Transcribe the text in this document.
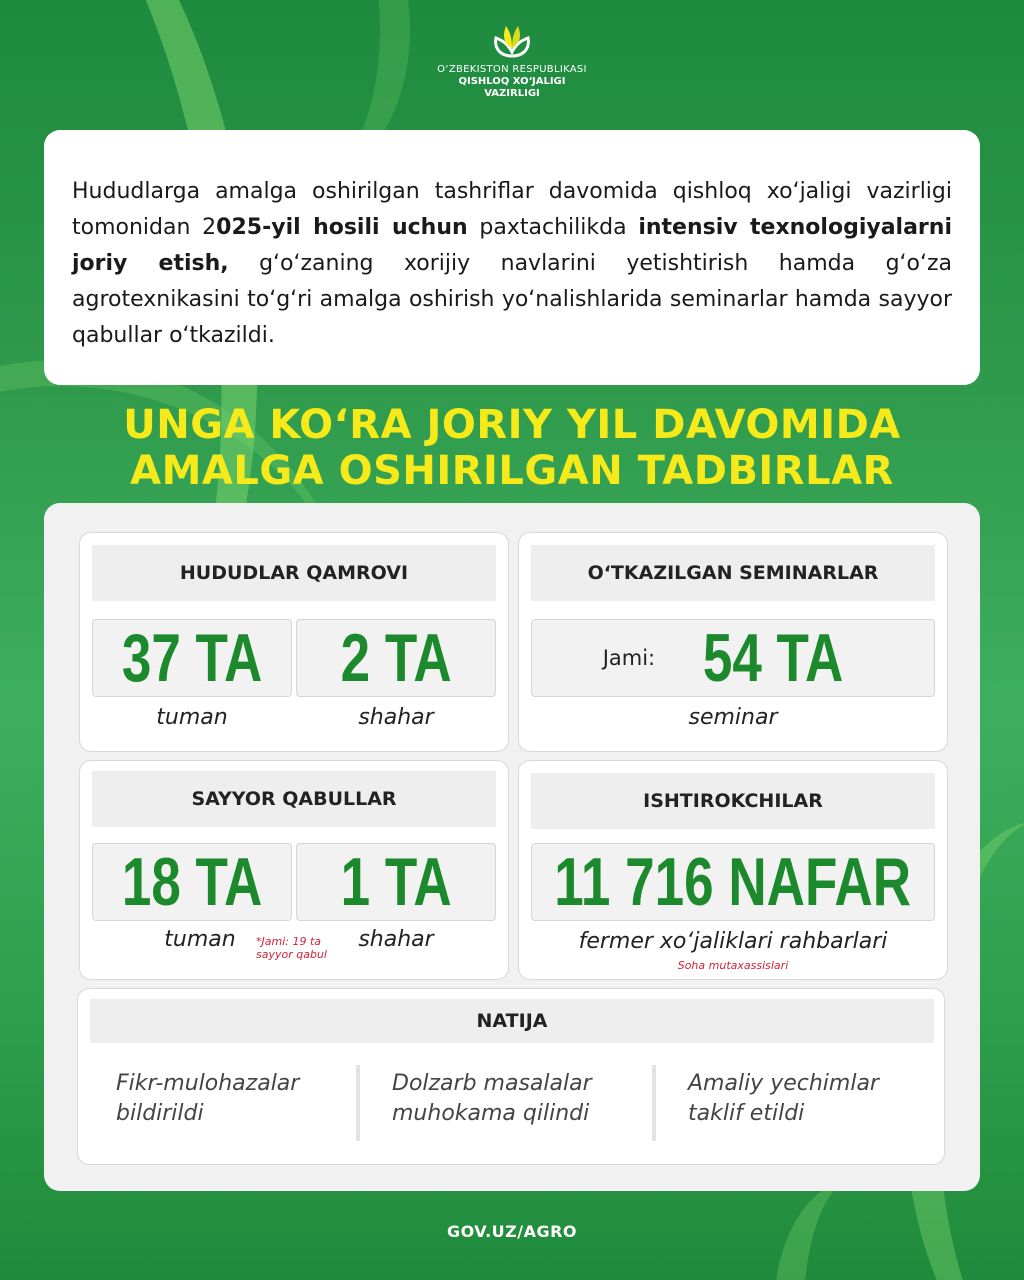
O‘ZBEKISTON RESPUBLIKASI
QISHLOQ XO‘JALIGI
VAZIRLIGI

Hududlarga amalga oshirilgan tashriflar davomida qishloq xo‘jaligi vazirligi tomonidan 2025-yil hosili uchun paxtachilikda intensiv texnologiyalarni joriy etish, g‘o‘zaning xorijiy navlarini yetishtirish hamda g‘o‘za agrotexnikasini to‘g‘ri amalga oshirish yo‘nalishlarida seminarlar hamda sayyor qabullar o‘tkazildi.

UNGA KO‘RA JORIY YIL DAVOMIDA
AMALGA OSHIRILGAN TADBIRLAR
HUDUDLAR QAMROVI
37 TA 2 TA
tuman	shahar
O‘TKAZILGAN SEMINARLAR
Jami: 54 TA
seminar
SAYYOR QABULLAR
18 TA 1 TA
tuman	shahar
*Jami: 19 ta
sayyor qabul
ISHTIROKCHILAR
11 716 NAFAR
fermer xo‘jaliklari rahbarlari
Soha mutaxassislari
NATIJA
Fikr-mulohazalar
bildirildi
Dolzarb masalalar
muhokama qilindi
Amaliy yechimlar
taklif etildi
GOV.UZ/AGRO
